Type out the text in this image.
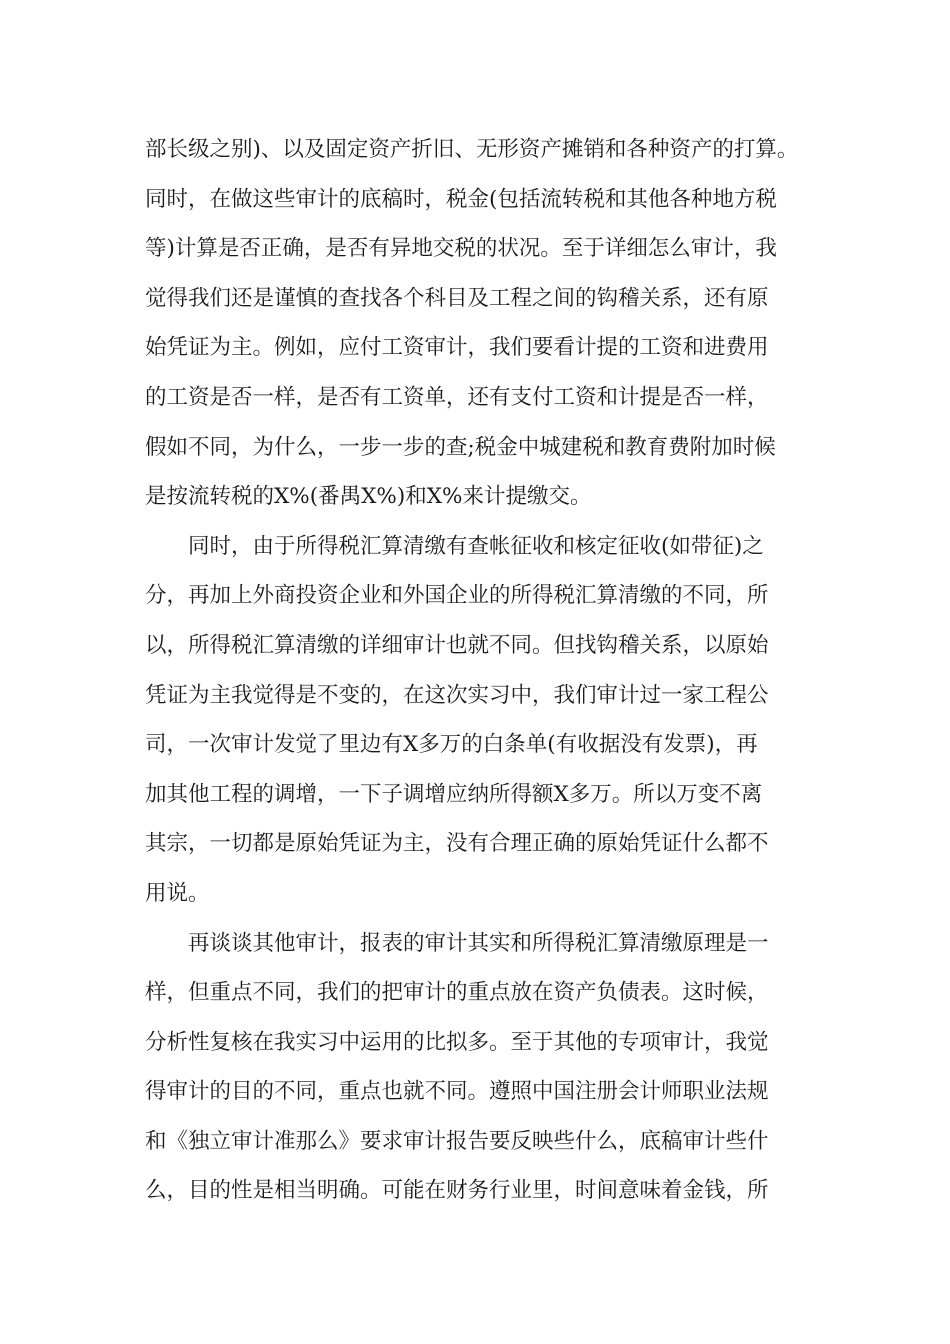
部长级之别)、以及固定资产折旧、无形资产摊销和各种资产的打算。
同时，在做这些审计的底稿时，税金(包括流转税和其他各种地方税
等)计算是否正确，是否有异地交税的状况。至于详细怎么审计，我
觉得我们还是谨慎的查找各个科目及工程之间的钩稽关系，还有原
始凭证为主。例如，应付工资审计，我们要看计提的工资和进费用
的工资是否一样，是否有工资单，还有支付工资和计提是否一样，
假如不同，为什么，一步一步的查;税金中城建税和教育费附加时候
是按流转税的X%(番禺X%)和X%来计提缴交。
同时，由于所得税汇算清缴有查帐征收和核定征收(如带征)之
分，再加上外商投资企业和外国企业的所得税汇算清缴的不同，所
以，所得税汇算清缴的详细审计也就不同。但找钩稽关系，以原始
凭证为主我觉得是不变的，在这次实习中，我们审计过一家工程公
司，一次审计发觉了里边有X多万的白条单(有收据没有发票)，再
加其他工程的调增，一下子调增应纳所得额X多万。所以万变不离
其宗，一切都是原始凭证为主，没有合理正确的原始凭证什么都不
用说。
再谈谈其他审计，报表的审计其实和所得税汇算清缴原理是一
样，但重点不同，我们的把审计的重点放在资产负债表。这时候，
分析性复核在我实习中运用的比拟多。至于其他的专项审计，我觉
得审计的目的不同，重点也就不同。遵照中国注册会计师职业法规
和《独立审计准那么》要求审计报告要反映些什么，底稿审计些什
么，目的性是相当明确。可能在财务行业里，时间意味着金钱，所
